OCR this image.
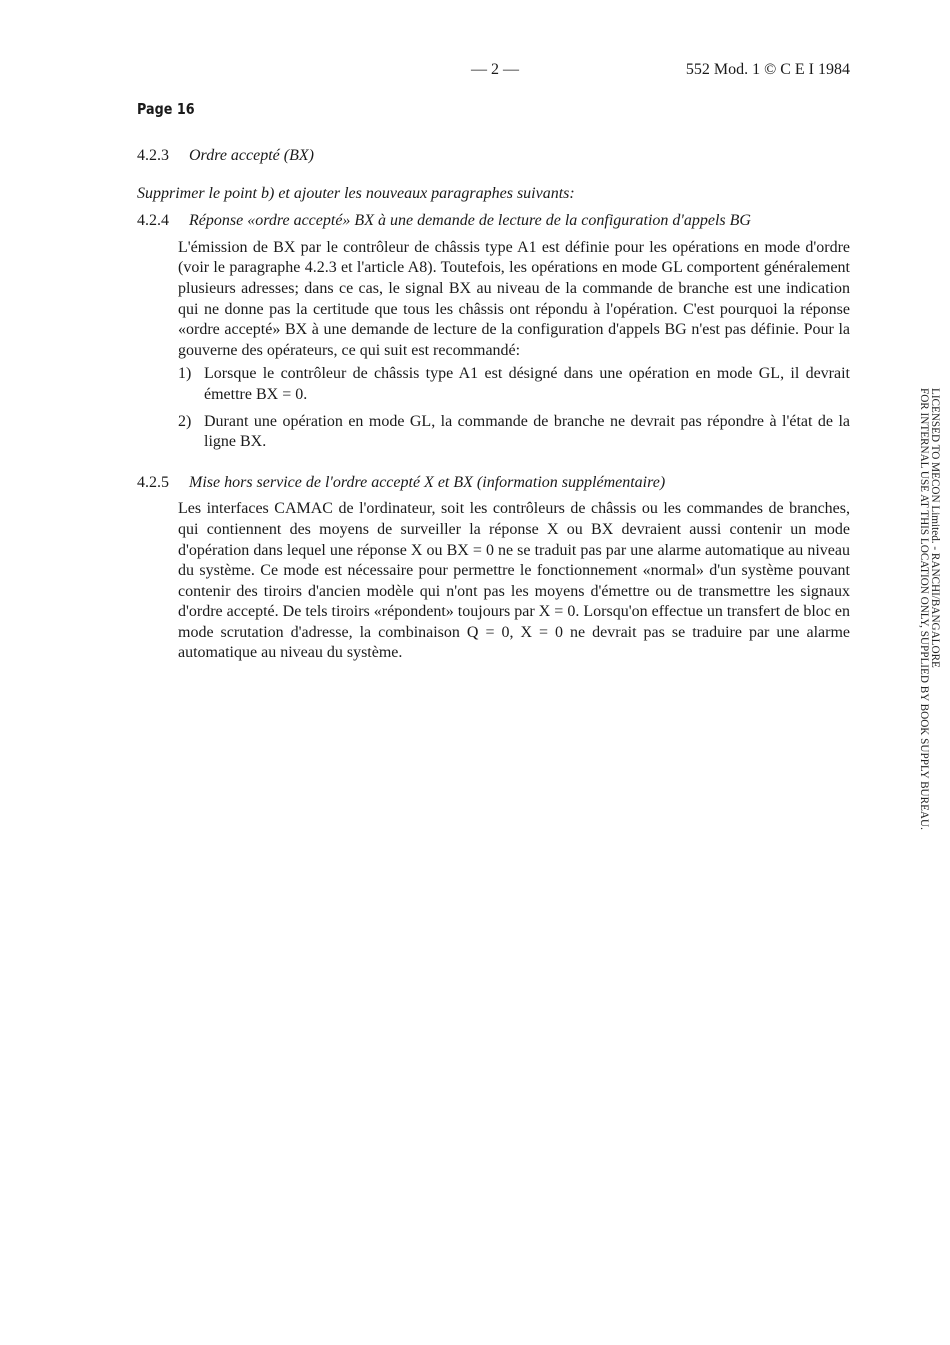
— 2 —	552 Mod. 1 © C E I 1984
Page 16
4.2.3	Ordre accepté (BX)
Supprimer le point b) et ajouter les nouveaux paragraphes suivants:
4.2.4	Réponse «ordre accepté» BX à une demande de lecture de la configuration d'appels BG
L'émission de BX par le contrôleur de châssis type A1 est définie pour les opérations en mode d'ordre (voir le paragraphe 4.2.3 et l'article A8). Toutefois, les opérations en mode GL comportent généralement plusieurs adresses; dans ce cas, le signal BX au niveau de la commande de branche est une indication qui ne donne pas la certitude que tous les châssis ont répondu à l'opération. C'est pourquoi la réponse «ordre accepté» BX à une demande de lecture de la configuration d'appels BG n'est pas définie. Pour la gouverne des opérateurs, ce qui suit est recommandé:
1) Lorsque le contrôleur de châssis type A1 est désigné dans une opération en mode GL, il devrait émettre BX = 0.
2) Durant une opération en mode GL, la commande de branche ne devrait pas répondre à l'état de la ligne BX.
4.2.5	Mise hors service de l'ordre accepté X et BX (information supplémentaire)
Les interfaces CAMAC de l'ordinateur, soit les contrôleurs de châssis ou les commandes de branches, qui contiennent des moyens de surveiller la réponse X ou BX devraient aussi contenir un mode d'opération dans lequel une réponse X ou BX = 0 ne se traduit pas par une alarme automatique au niveau du système. Ce mode est nécessaire pour permettre le fonctionnement «normal» d'un système pouvant contenir des tiroirs d'ancien modèle qui n'ont pas les moyens d'émettre ou de transmettre les signaux d'ordre accepté. De tels tiroirs «répondent» toujours par X = 0. Lorsqu'on effectue un transfert de bloc en mode scrutation d'adresse, la combinaison Q = 0, X = 0 ne devrait pas se traduire par une alarme automatique au niveau du système.	LICENSED TO MECON Limited. - RANCHI/BANGALORE
FOR INTERNAL USE AT THIS LOCATION ONLY, SUPPLIED BY BOOK SUPPLY BUREAU.
